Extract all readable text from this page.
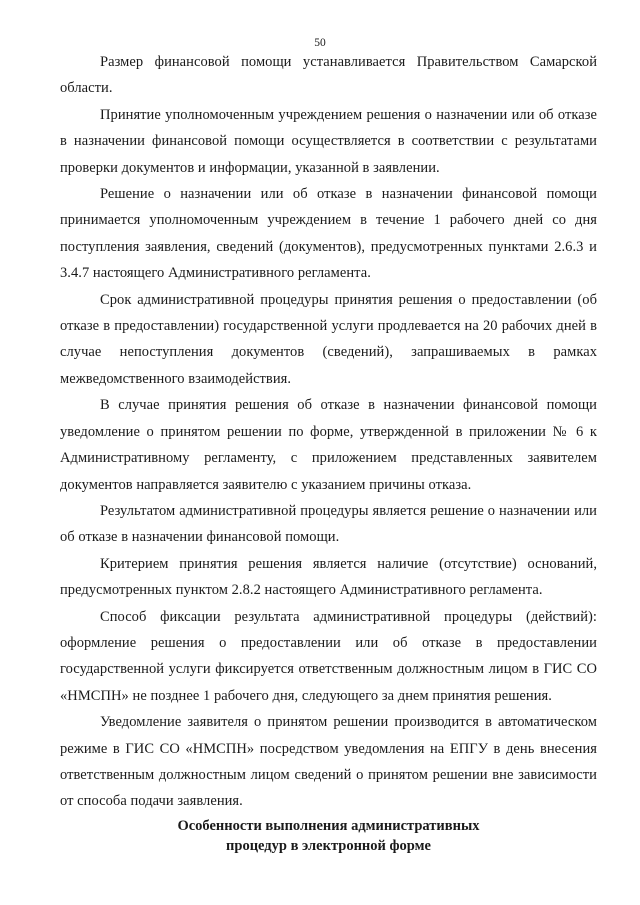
50

Размер финансовой помощи устанавливается Правительством Самарской области.

Принятие уполномоченным учреждением решения о назначении или об отказе в назначении финансовой помощи осуществляется в соответствии с результатами проверки документов и информации, указанной в заявлении.

Решение о назначении или об отказе в назначении финансовой помощи принимается уполномоченным учреждением в течение 1 рабочего дней со дня поступления заявления, сведений (документов), предусмотренных пунктами 2.6.3 и 3.4.7 настоящего Административного регламента.

Срок административной процедуры принятия решения о предоставлении (об отказе в предоставлении) государственной услуги продлевается на 20 рабочих дней в случае непоступления документов (сведений), запрашиваемых в рамках межведомственного взаимодействия.

В случае принятия решения об отказе в назначении финансовой помощи уведомление о принятом решении по форме, утвержденной в приложении № 6 к Административному регламенту, с приложением представленных заявителем документов направляется заявителю с указанием причины отказа.

Результатом административной процедуры является решение о назначении или об отказе в назначении финансовой помощи.

Критерием принятия решения является наличие (отсутствие) оснований, предусмотренных пунктом 2.8.2 настоящего Административного регламента.

Способ фиксации результата административной процедуры (действий): оформление решения о предоставлении или об отказе в предоставлении государственной услуги фиксируется ответственным должностным лицом в ГИС СО «НМСПН» не позднее 1 рабочего дня, следующего за днем принятия решения.

Уведомление заявителя о принятом решении производится в автоматическом режиме в ГИС СО «НМСПН» посредством уведомления на ЕПГУ в день внесения ответственным должностным лицом сведений о принятом решении вне зависимости от способа подачи заявления.

Особенности выполнения административных
процедур в электронной форме
